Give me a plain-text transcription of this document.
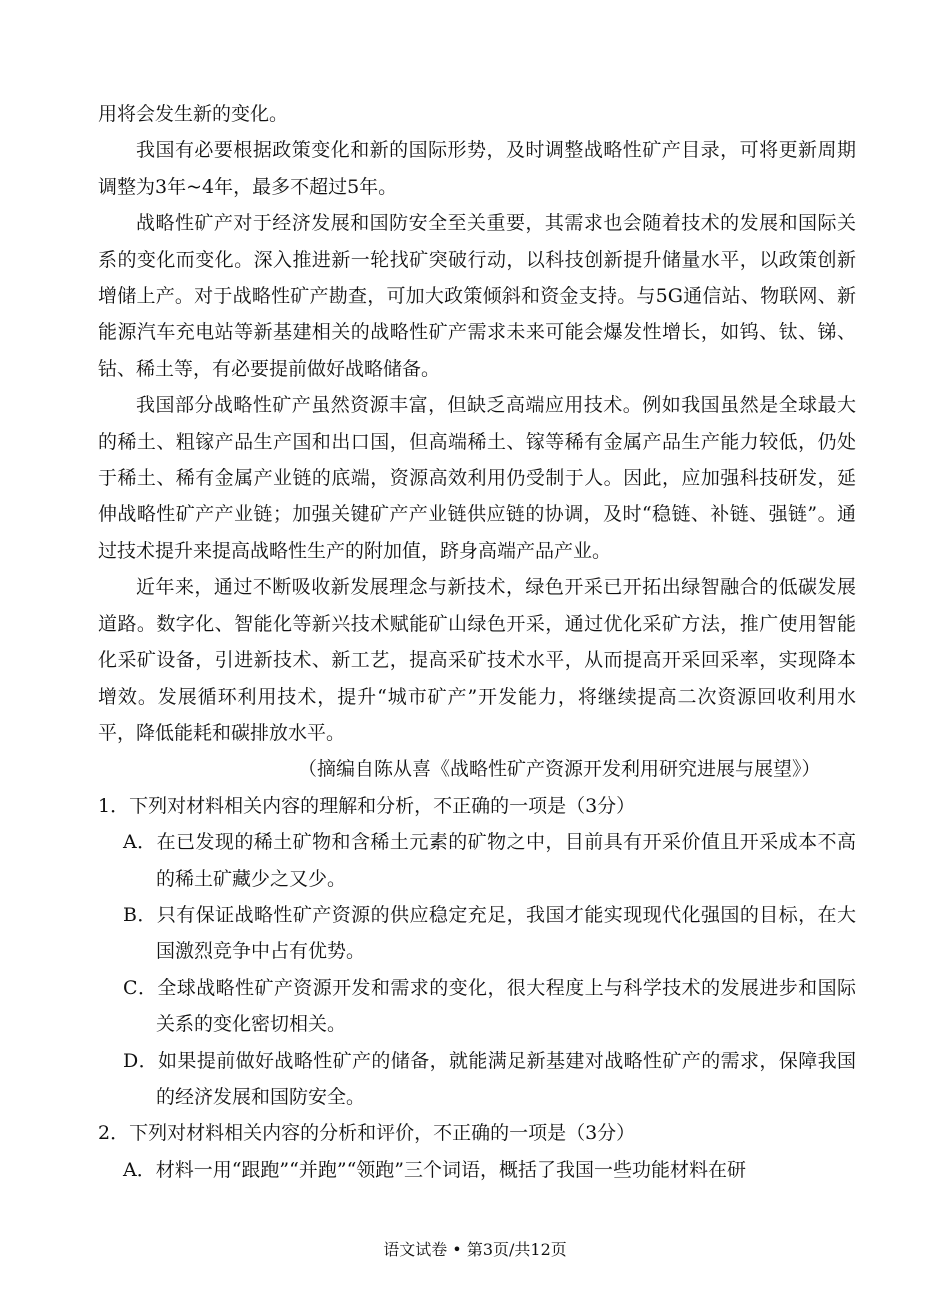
用将会发生新的变化。

我国有必要根据政策变化和新的国际形势，及时调整战略性矿产目录，可将更新周期调整为3年~4年，最多不超过5年。

战略性矿产对于经济发展和国防安全至关重要，其需求也会随着技术的发展和国际关系的变化而变化。深入推进新一轮找矿突破行动，以科技创新提升储量水平，以政策创新增储上产。对于战略性矿产勘查，可加大政策倾斜和资金支持。与5G通信站、物联网、新能源汽车充电站等新基建相关的战略性矿产需求未来可能会爆发性增长，如钨、钛、锑、钴、稀土等，有必要提前做好战略储备。

我国部分战略性矿产虽然资源丰富，但缺乏高端应用技术。例如我国虽然是全球最大的稀土、粗镓产品生产国和出口国，但高端稀土、镓等稀有金属产品生产能力较低，仍处于稀土、稀有金属产业链的底端，资源高效利用仍受制于人。因此，应加强科技研发，延伸战略性矿产产业链；加强关键矿产产业链供应链的协调，及时“稳链、补链、强链”。通过技术提升来提高战略性生产的附加值，跻身高端产品产业。

近年来，通过不断吸收新发展理念与新技术，绿色开采已开拓出绿智融合的低碳发展道路。数字化、智能化等新兴技术赋能矿山绿色开采，通过优化采矿方法，推广使用智能化采矿设备，引进新技术、新工艺，提高采矿技术水平，从而提高开采回采率，实现降本增效。发展循环利用技术，提升“城市矿产”开发能力，将继续提高二次资源回收利用水平，降低能耗和碳排放水平。

（摘编自陈从喜《战略性矿产资源开发利用研究进展与展望》）

1．下列对材料相关内容的理解和分析，不正确的一项是（3分）

A．在已发现的稀土矿物和含稀土元素的矿物之中，目前具有开采价值且开采成本不高的稀土矿藏少之又少。

B．只有保证战略性矿产资源的供应稳定充足，我国才能实现现代化强国的目标，在大国激烈竞争中占有优势。

C．全球战略性矿产资源开发和需求的变化，很大程度上与科学技术的发展进步和国际关系的变化密切相关。

D．如果提前做好战略性矿产的储备，就能满足新基建对战略性矿产的需求，保障我国的经济发展和国防安全。

2．下列对材料相关内容的分析和评价，不正确的一项是（3分）

A．材料一用“跟跑”“并跑”“领跑”三个词语，概括了我国一些功能材料在研

语文试卷 • 第3页/共12页
